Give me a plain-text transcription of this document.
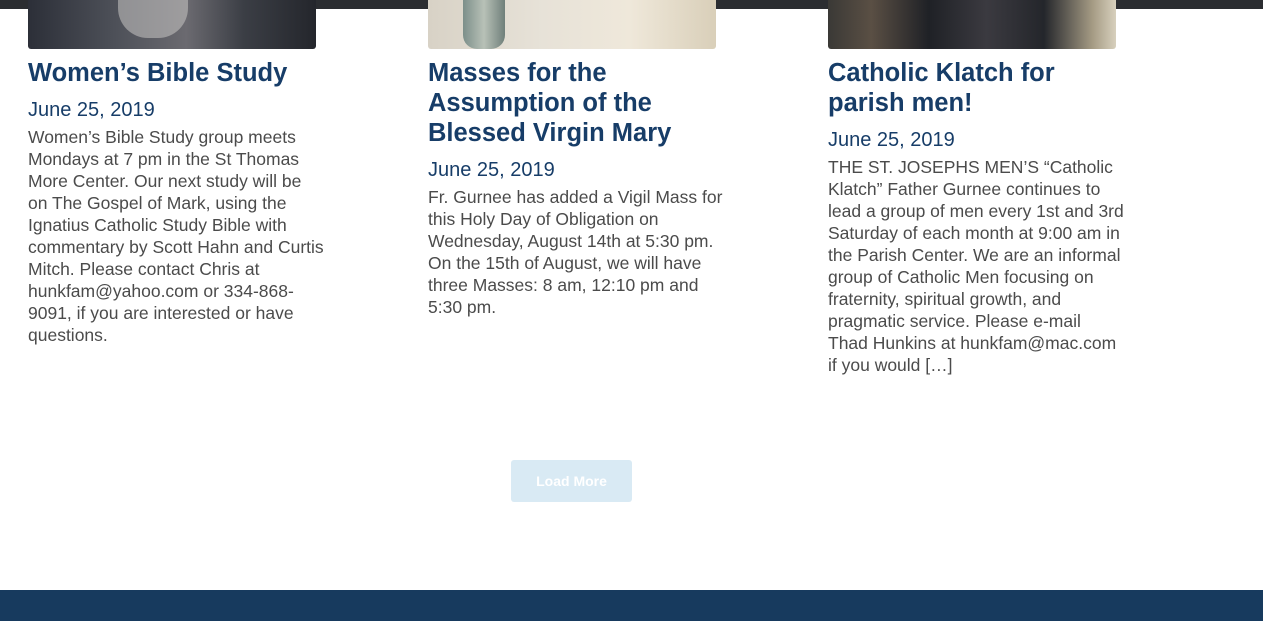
Women’s Bible Study
June 25, 2019
Women’s Bible Study group meets Mondays at 7 pm in the St Thomas More Center. Our next study will be on The Gospel of Mark, using the Ignatius Catholic Study Bible with commentary by Scott Hahn and Curtis Mitch. Please contact Chris at hunkfam@yahoo.com or 334-868-9091, if you are interested or have questions.
Masses for the Assumption of the Blessed Virgin Mary
June 25, 2019
Fr. Gurnee has added a Vigil Mass for this Holy Day of Obligation on Wednesday, August 14th at 5:30 pm. On the 15th of August, we will have three Masses: 8 am, 12:10 pm and 5:30 pm.
Catholic Klatch for parish men!
June 25, 2019
THE ST. JOSEPHS MEN’S “Catholic Klatch” Father Gurnee continues to lead a group of men every 1st and 3rd Saturday of each month at 9:00 am in the Parish Center. We are an informal group of Catholic Men focusing on fraternity, spiritual growth, and pragmatic service. Please e-mail Thad Hunkins at hunkfam@mac.com if you would […]
Load More
